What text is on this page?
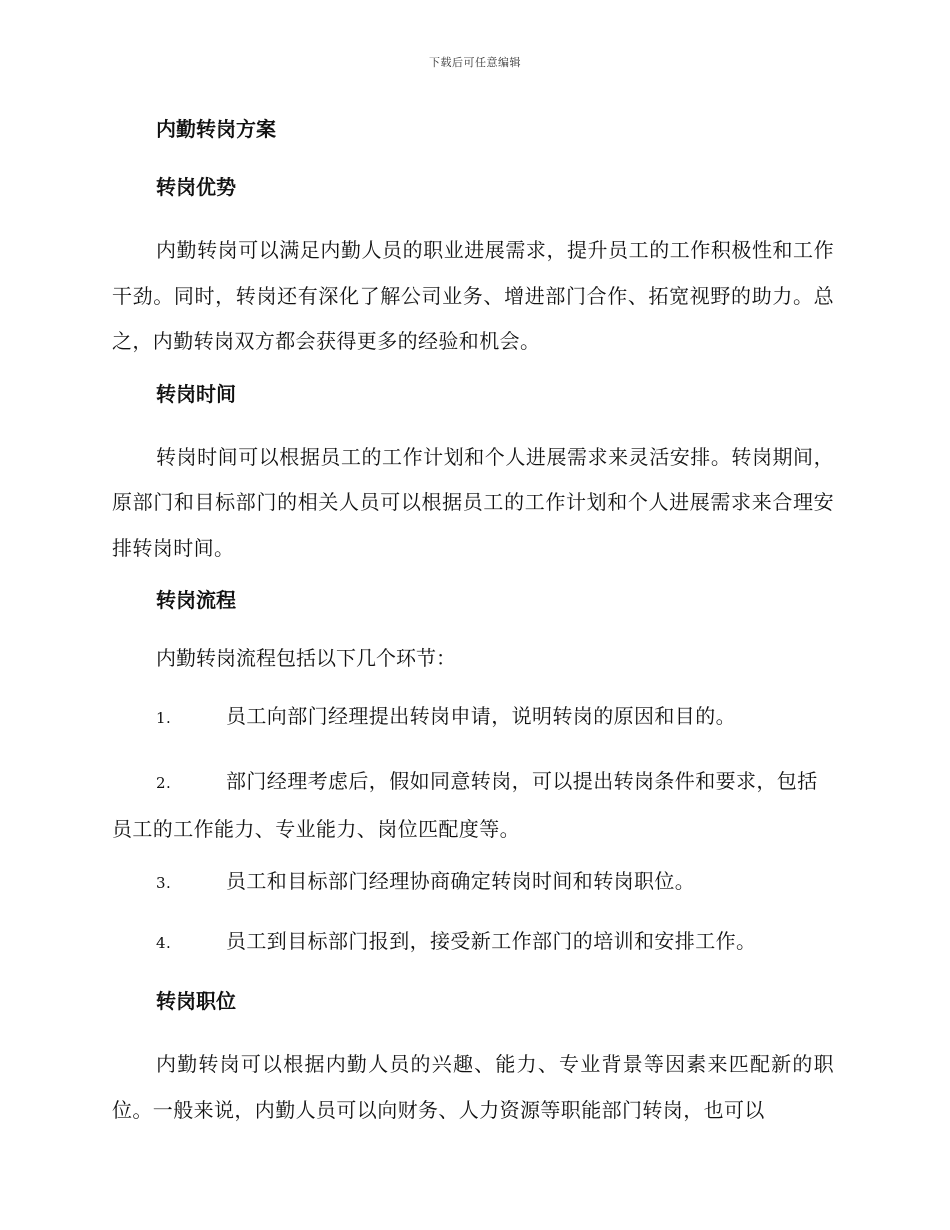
下载后可任意编辑
内勤转岗方案
转岗优势

内勤转岗可以满足内勤人员的职业进展需求，提升员工的工作积极性和工作干劲。同时，转岗还有深化了解公司业务、增进部门合作、拓宽视野的助力。总之，内勤转岗双方都会获得更多的经验和机会。

转岗时间

转岗时间可以根据员工的工作计划和个人进展需求来灵活安排。转岗期间，原部门和目标部门的相关人员可以根据员工的工作计划和个人进展需求来合理安排转岗时间。

转岗流程
内勤转岗流程包括以下几个环节：
1.	员工向部门经理提出转岗申请，说明转岗的原因和目的。
2.	部门经理考虑后，假如同意转岗，可以提出转岗条件和要求，包括员工的工作能力、专业能力、岗位匹配度等。
3.	员工和目标部门经理协商确定转岗时间和转岗职位。
4.	员工到目标部门报到，接受新工作部门的培训和安排工作。
转岗职位

内勤转岗可以根据内勤人员的兴趣、能力、专业背景等因素来匹配新的职位。一般来说，内勤人员可以向财务、人力资源等职能部门转岗，也可以
